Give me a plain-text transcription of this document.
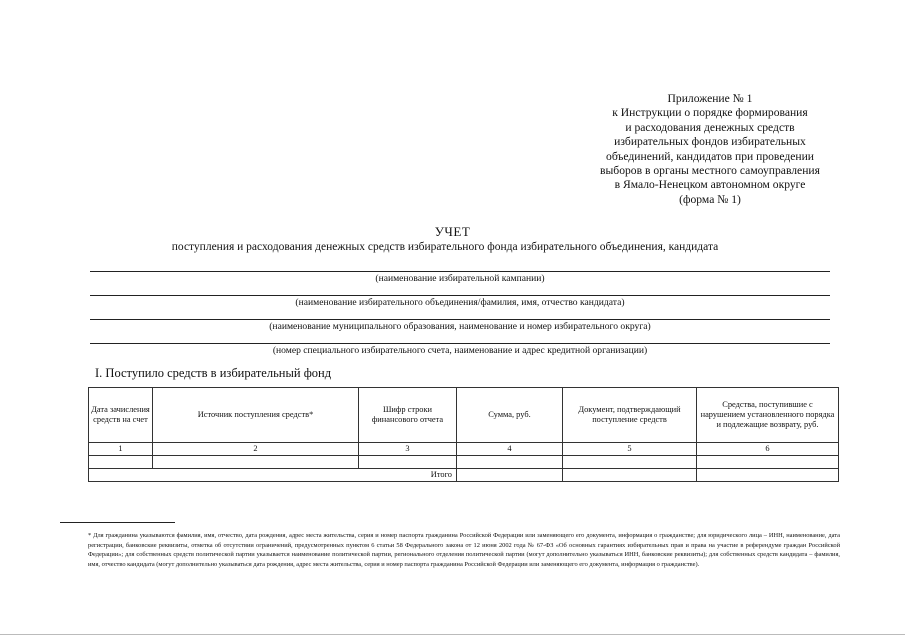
Приложение № 1
к Инструкции о порядке формирования
и расходования денежных средств
избирательных фондов избирательных
объединений, кандидатов при проведении
выборов в органы местного самоуправления
в Ямало-Ненецком автономном округе
(форма № 1)
УЧЕТ
поступления и расходования денежных средств избирательного фонда избирательного объединения, кандидата
(наименование избирательной кампании)
(наименование избирательного объединения/фамилия, имя, отчество кандидата)
(наименование муниципального образования, наименование и номер избирательного округа)
(номер специального избирательного счета, наименование и адрес кредитной организации)
I. Поступило средств в избирательный фонд
Дата зачисления средств на счет	Источник поступления средств*	Шифр строки финансового отчета	Сумма, руб.	Документ, подтверждающий поступление средств	Средства, поступившие с нарушением установленного порядка и подлежащие возврату, руб.
1	2	3	4	5	6

Итого					
* Для гражданина указываются фамилия, имя, отчество, дата рождения, адрес места жительства, серия и номер паспорта гражданина Российской Федерации или заменяющего его документа, информация о гражданстве; для юридического лица – ИНН, наименование, дата регистрации, банковские реквизиты, отметка об отсутствии ограничений, предусмотренных пунктом 6 статьи 58 Федерального закона от 12 июня 2002 года № 67-ФЗ «Об основных гарантиях избирательных прав и права на участие в референдуме граждан Российской Федерации»; для собственных средств политической партии указывается наименование политической партии, регионального отделения политической партии (могут дополнительно указываться ИНН, банковские реквизиты); для собственных средств кандидата – фамилия, имя, отчество кандидата (могут дополнительно указываться дата рождения, адрес места жительства, серия и номер паспорта гражданина Российской Федерации или заменяющего его документа, информация о гражданстве).
